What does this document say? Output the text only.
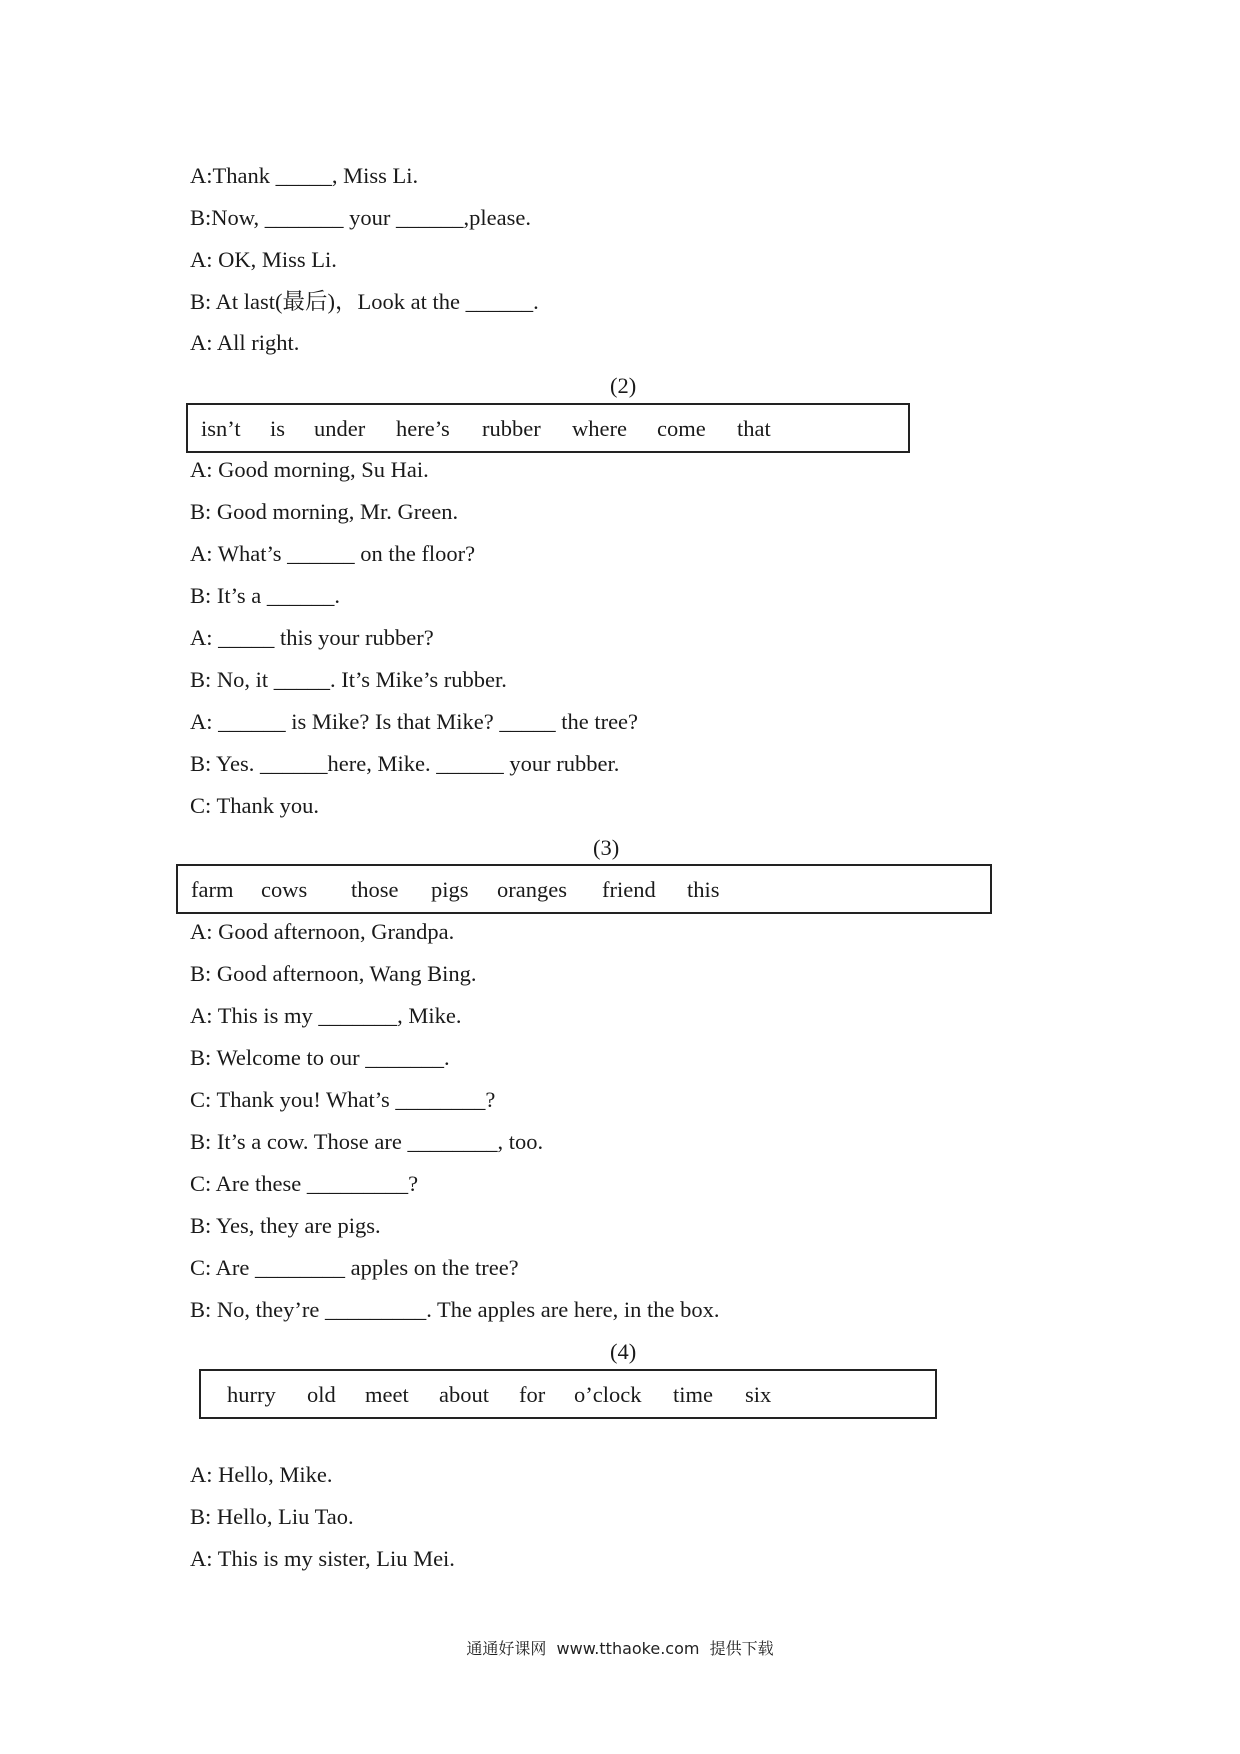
A:Thank _____, Miss Li.
B:Now, _______ your ______,please.
A: OK, Miss Li.
B: At last(最后)，Look at the ______.
A: All right.
(2)
isn’t is under here’s rubber where come that
A: Good morning, Su Hai.
B: Good morning, Mr. Green.
A: What’s ______ on the floor?
B: It’s a ______.
A: _____ this your rubber?
B: No, it _____. It’s Mike’s rubber.
A: ______ is Mike? Is that Mike? _____ the tree?
B: Yes. ______here, Mike. ______ your rubber.
C: Thank you.
(3)
farm cows those pigs oranges friend this
A: Good afternoon, Grandpa.
B: Good afternoon, Wang Bing.
A: This is my _______, Mike.
B: Welcome to our _______.
C: Thank you! What’s ________?
B: It’s a cow. Those are ________, too.
C: Are these _________?
B: Yes, they are pigs.
C: Are ________ apples on the tree?
B: No, they’re _________. The apples are here, in the box.
(4)
hurry old meet about for o’clock time six
A: Hello, Mike.
B: Hello, Liu Tao.
A: This is my sister, Liu Mei.
通通好课网  www.tthaoke.com  提供下载
